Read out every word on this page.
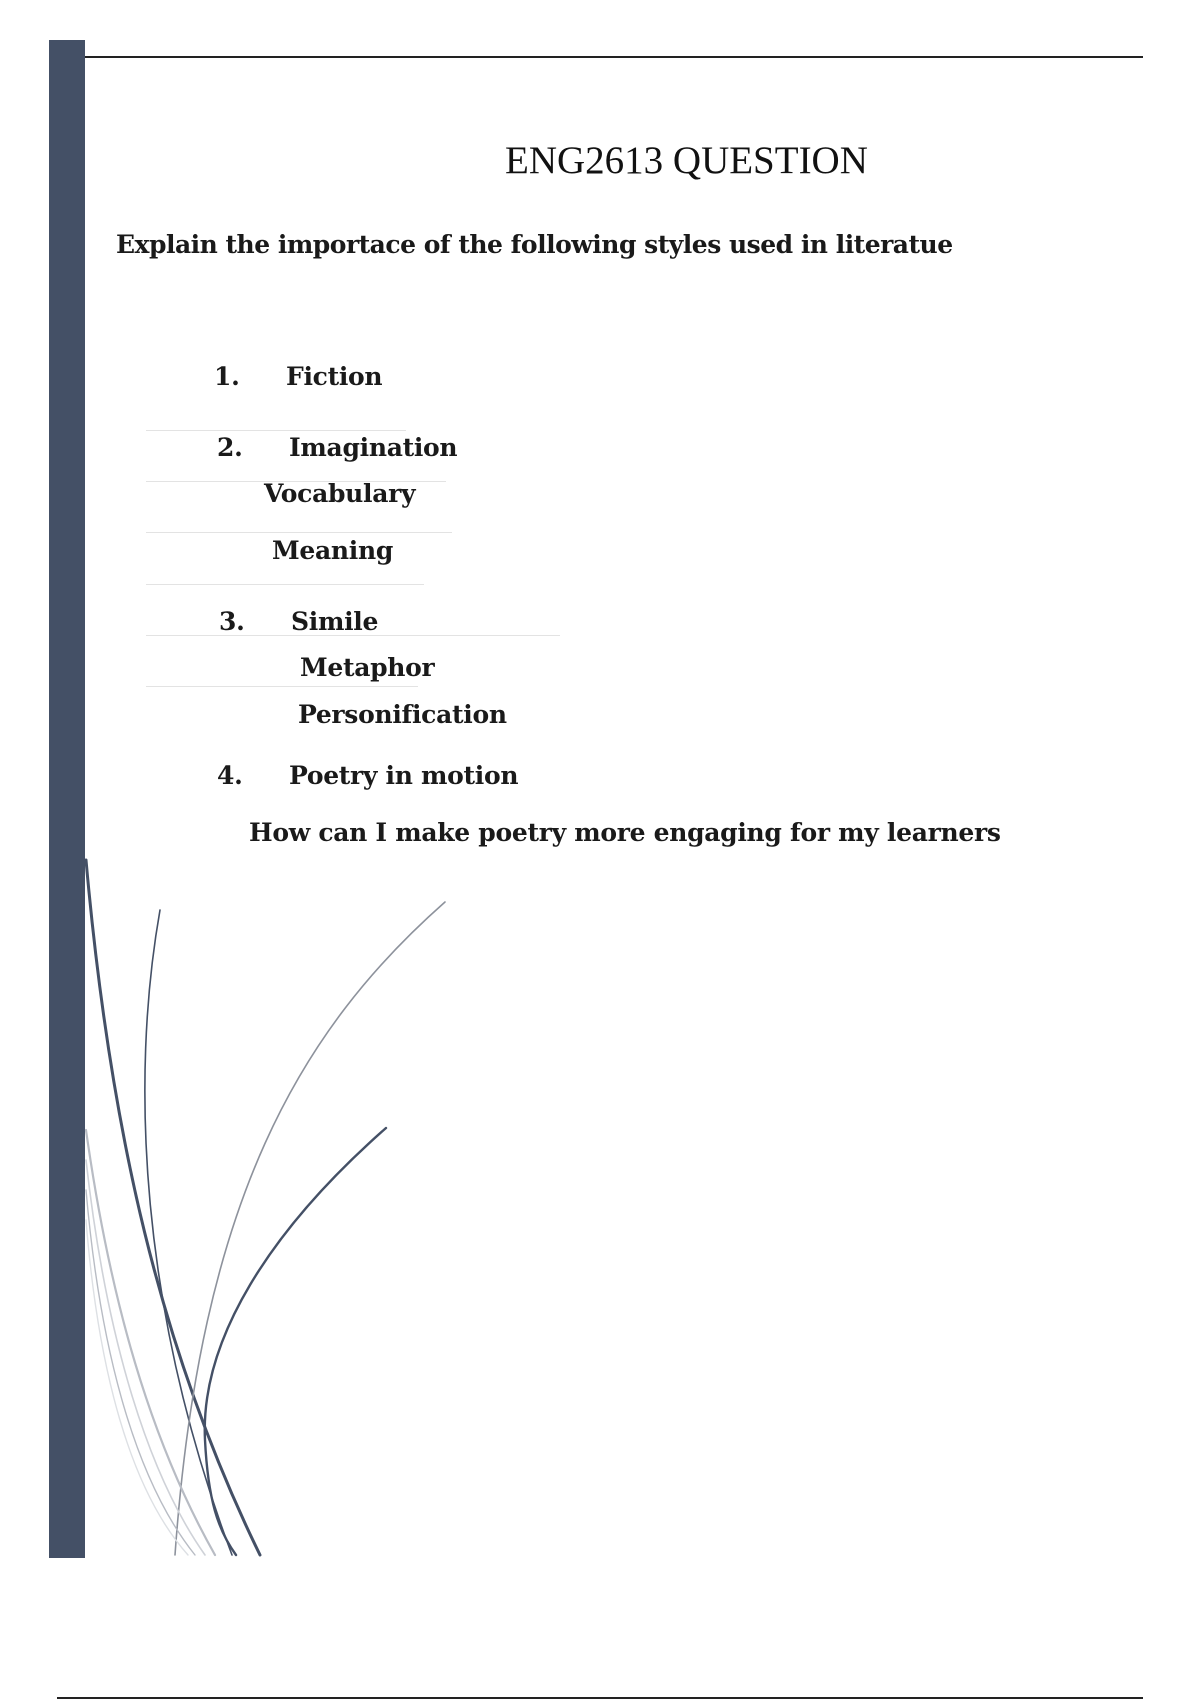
ENG2613 QUESTION

Explain the importace of the following styles used in literatue

1. Fiction
2. Imagination
Vocabulary
Meaning
3. Simile
Metaphor
Personification
4. Poetry in motion
How can I make poetry more engaging for my learners
